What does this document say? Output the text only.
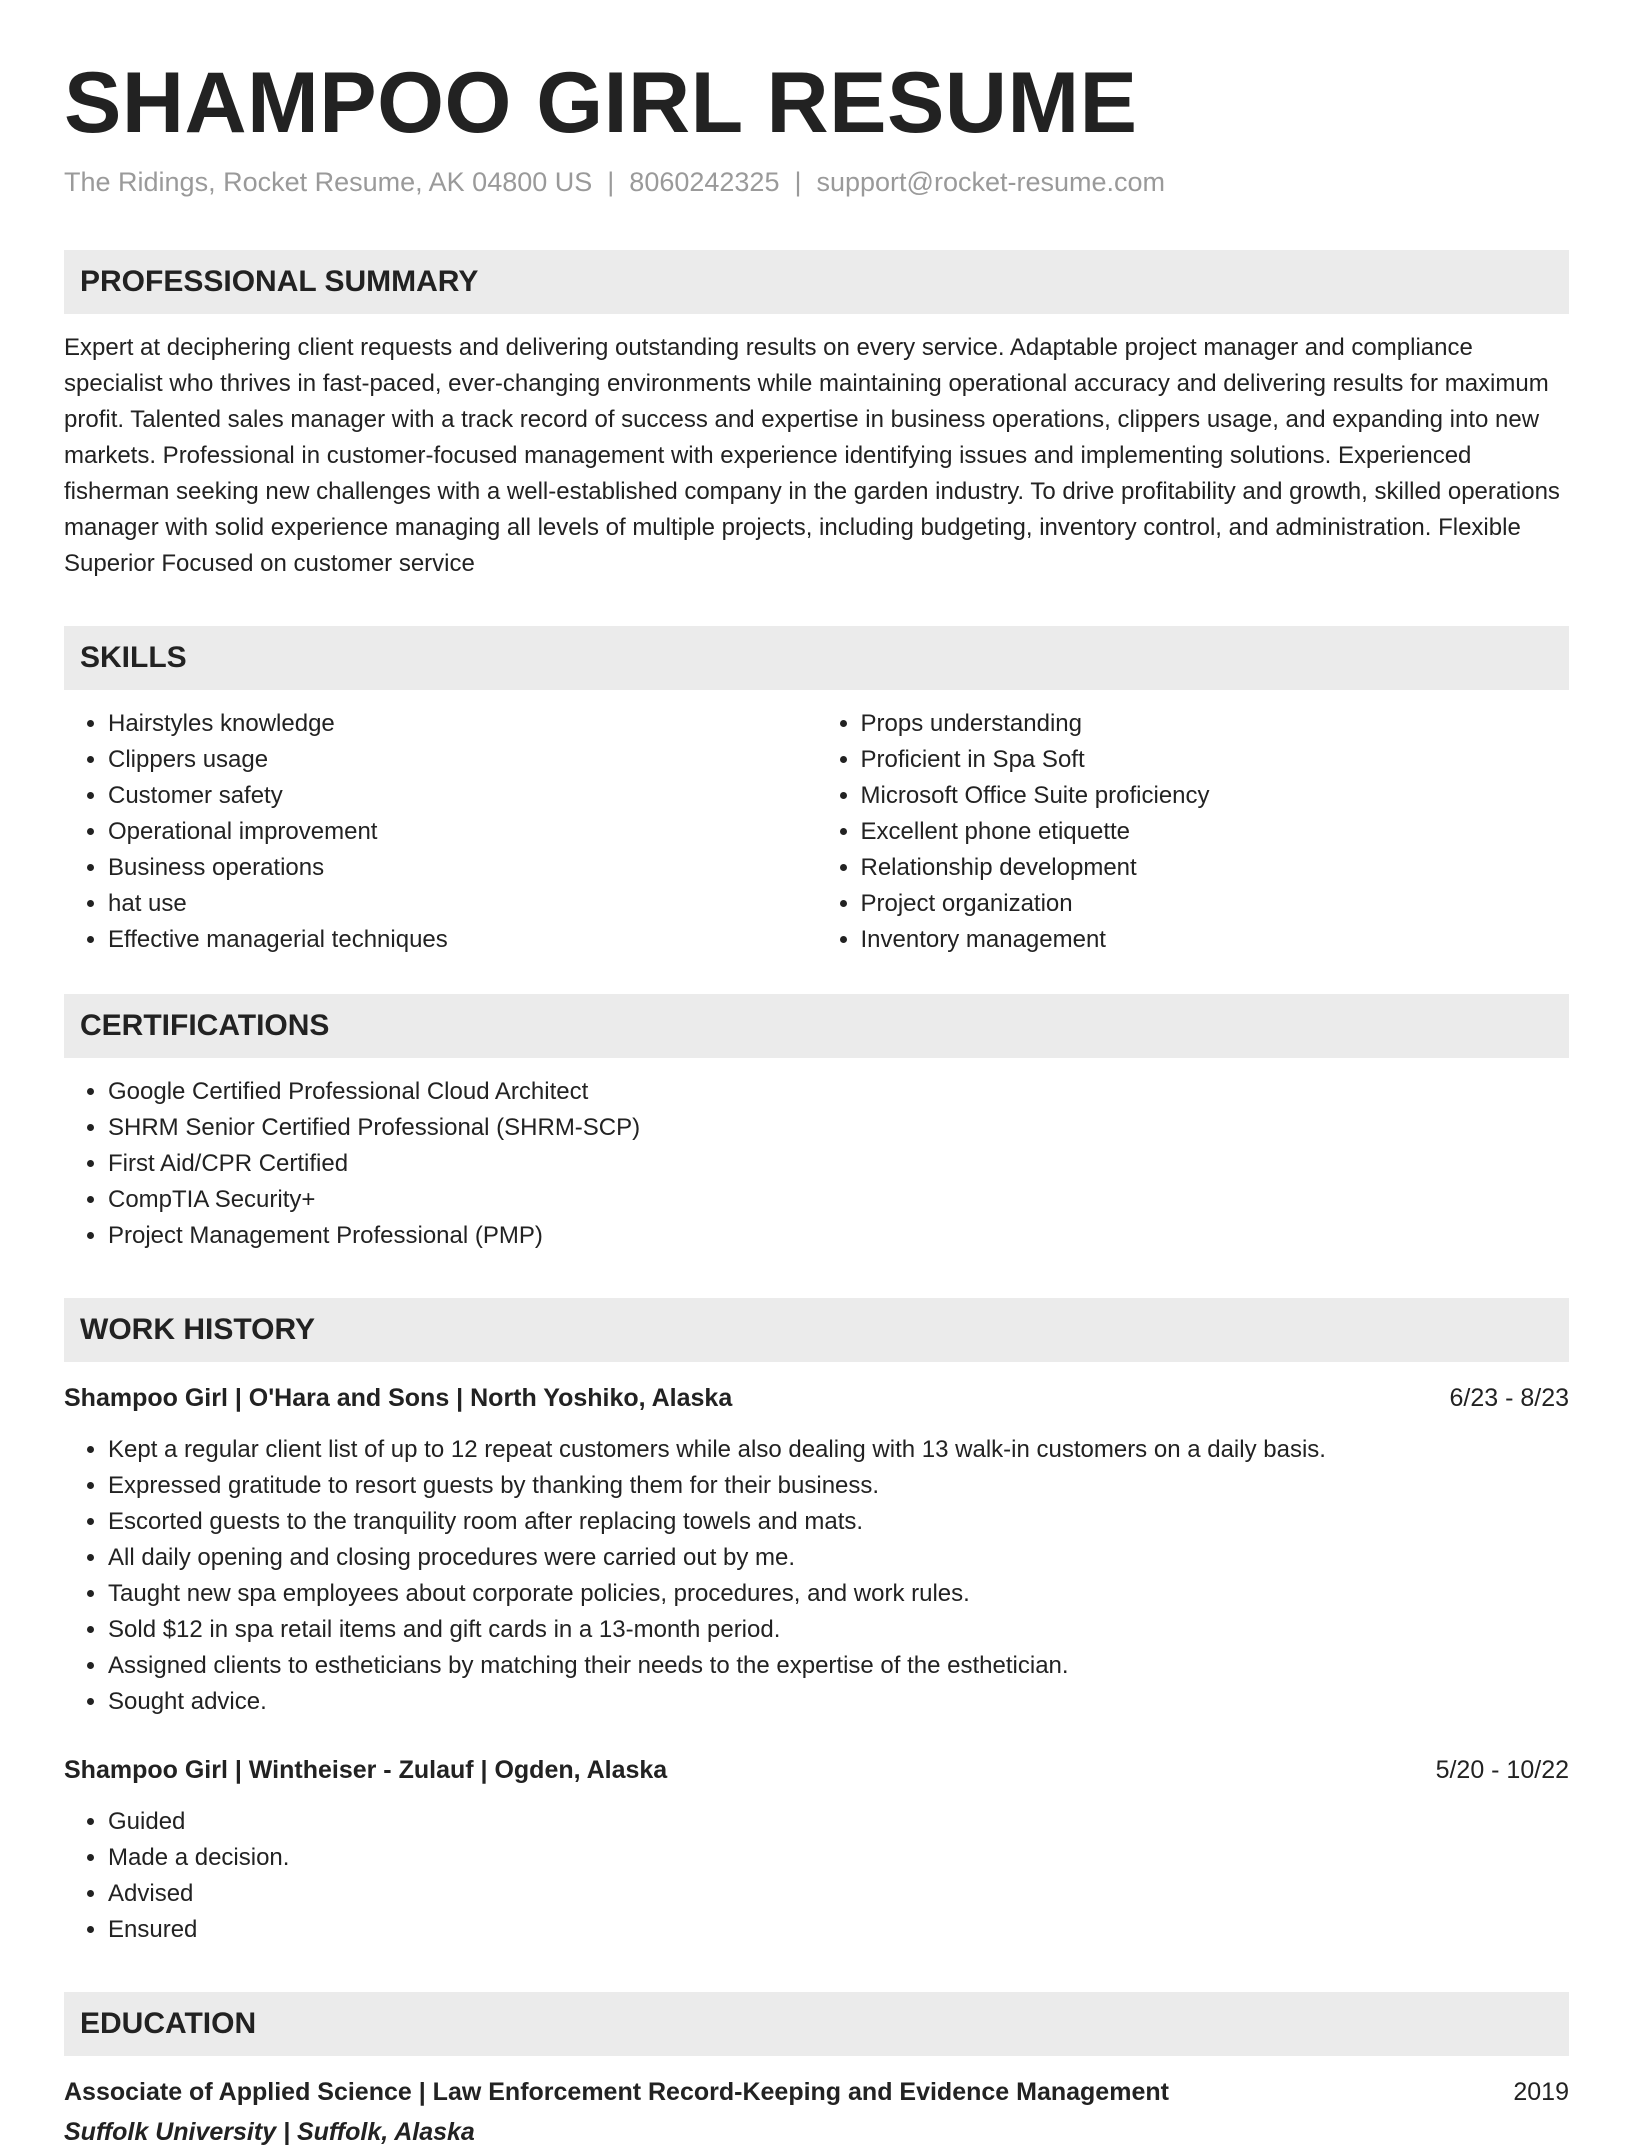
SHAMPOO GIRL RESUME
The Ridings, Rocket Resume, AK 04800 US | 8060242325 | support@rocket-resume.com
PROFESSIONAL SUMMARY
Expert at deciphering client requests and delivering outstanding results on every service. Adaptable project manager and compliance specialist who thrives in fast-paced, ever-changing environments while maintaining operational accuracy and delivering results for maximum profit. Talented sales manager with a track record of success and expertise in business operations, clippers usage, and expanding into new markets. Professional in customer-focused management with experience identifying issues and implementing solutions. Experienced fisherman seeking new challenges with a well-established company in the garden industry. To drive profitability and growth, skilled operations manager with solid experience managing all levels of multiple projects, including budgeting, inventory control, and administration. Flexible Superior Focused on customer service
SKILLS
• Hairstyles knowledge
• Clippers usage
• Customer safety
• Operational improvement
• Business operations
• hat use
• Effective managerial techniques
• Props understanding
• Proficient in Spa Soft
• Microsoft Office Suite proficiency
• Excellent phone etiquette
• Relationship development
• Project organization
• Inventory management
CERTIFICATIONS
• Google Certified Professional Cloud Architect
• SHRM Senior Certified Professional (SHRM-SCP)
• First Aid/CPR Certified
• CompTIA Security+
• Project Management Professional (PMP)
WORK HISTORY
Shampoo Girl | O'Hara and Sons | North Yoshiko, Alaska	6/23 - 8/23
• Kept a regular client list of up to 12 repeat customers while also dealing with 13 walk-in customers on a daily basis.
• Expressed gratitude to resort guests by thanking them for their business.
• Escorted guests to the tranquility room after replacing towels and mats.
• All daily opening and closing procedures were carried out by me.
• Taught new spa employees about corporate policies, procedures, and work rules.
• Sold $12 in spa retail items and gift cards in a 13-month period.
• Assigned clients to estheticians by matching their needs to the expertise of the esthetician.
• Sought advice.
Shampoo Girl | Wintheiser - Zulauf | Ogden, Alaska	5/20 - 10/22
• Guided
• Made a decision.
• Advised
• Ensured
EDUCATION
Associate of Applied Science | Law Enforcement Record-Keeping and Evidence Management	2019
Suffolk University | Suffolk, Alaska
